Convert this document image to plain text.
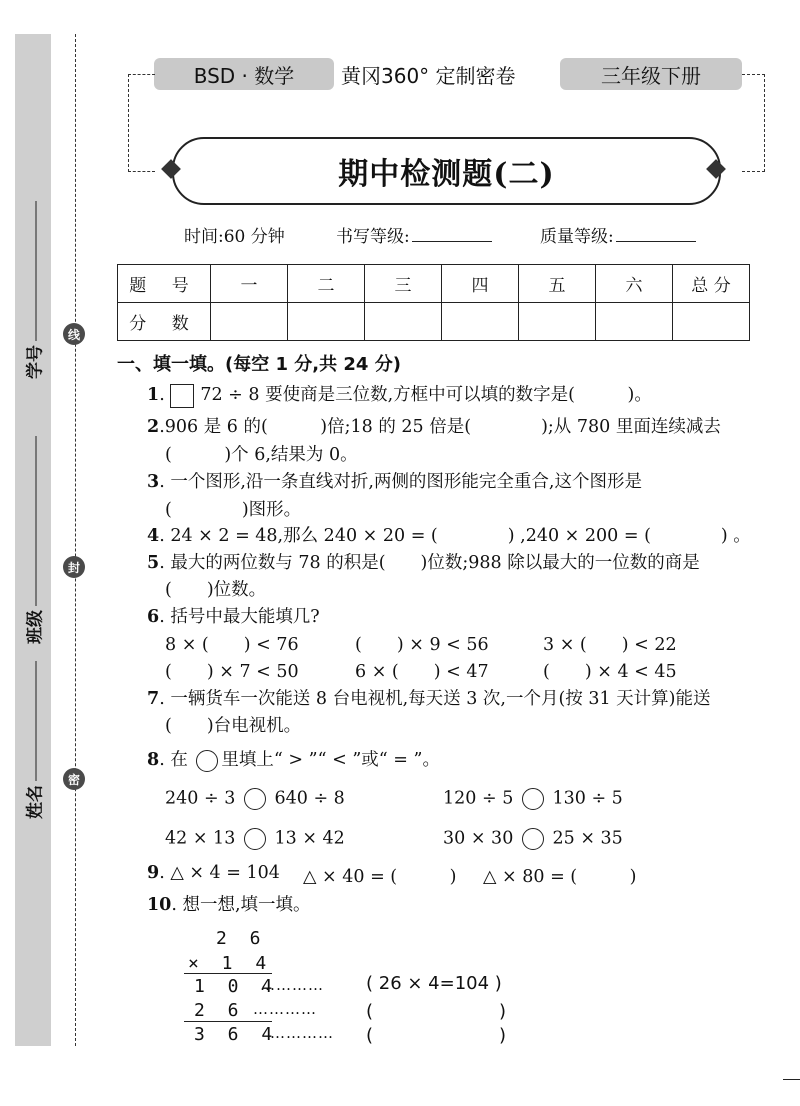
学号
班级
姓名
线
封
密
BSD · 数学	黄冈360° 定制密卷	三年级下册
期中检测题(二)
时间:60 分钟	书写等级:	质量等级:
题 号	一	二	三	四	五	六	总 分
分 数							
一、填一填。(每空 1 分,共 24 分)
1. 72 ÷ 8 要使商是三位数,方框中可以填的数字是(　　　)。
2.906 是 6 的(　　　)倍;18 的 25 倍是(　　　　);从 780 里面连续减去
(　　　)个 6,结果为 0。
3. 一个图形,沿一条直线对折,两侧的图形能完全重合,这个图形是
(　　　　)图形。
4. 24 × 2 = 48,那么 240 × 20 = (　　　　) ,240 × 200 = (　　　　) 。
5. 最大的两位数与 78 的积是(　　)位数;988 除以最大的一位数的商是
(　　)位数。
6. 括号中最大能填几?
8 × (　　) < 76	(　　) × 9 < 56	3 × (　　) < 22
(　　) × 7 < 50	6 × (　　) < 47	(　　) × 4 < 45
7. 一辆货车一次能送 8 台电视机,每天送 3 次,一个月(按 31 天计算)能送
(　　)台电视机。
8. 在 里填上“ > ”“ < ”或“ = ”。
240 ÷ 3 640 ÷ 8	120 ÷ 5 130 ÷ 5
42 × 13 13 × 42	30 × 30 25 × 35
9. △ × 4 = 104 △ × 40 = (　　　) △ × 80 = (　　　)
10. 想一想,填一填。
2 6
× 1 4
1 0 4
2 6
3 6 4
…………
…………
…………
( 26 × 4=104 )
(　　　　　　　)
(　　　　　　　)
